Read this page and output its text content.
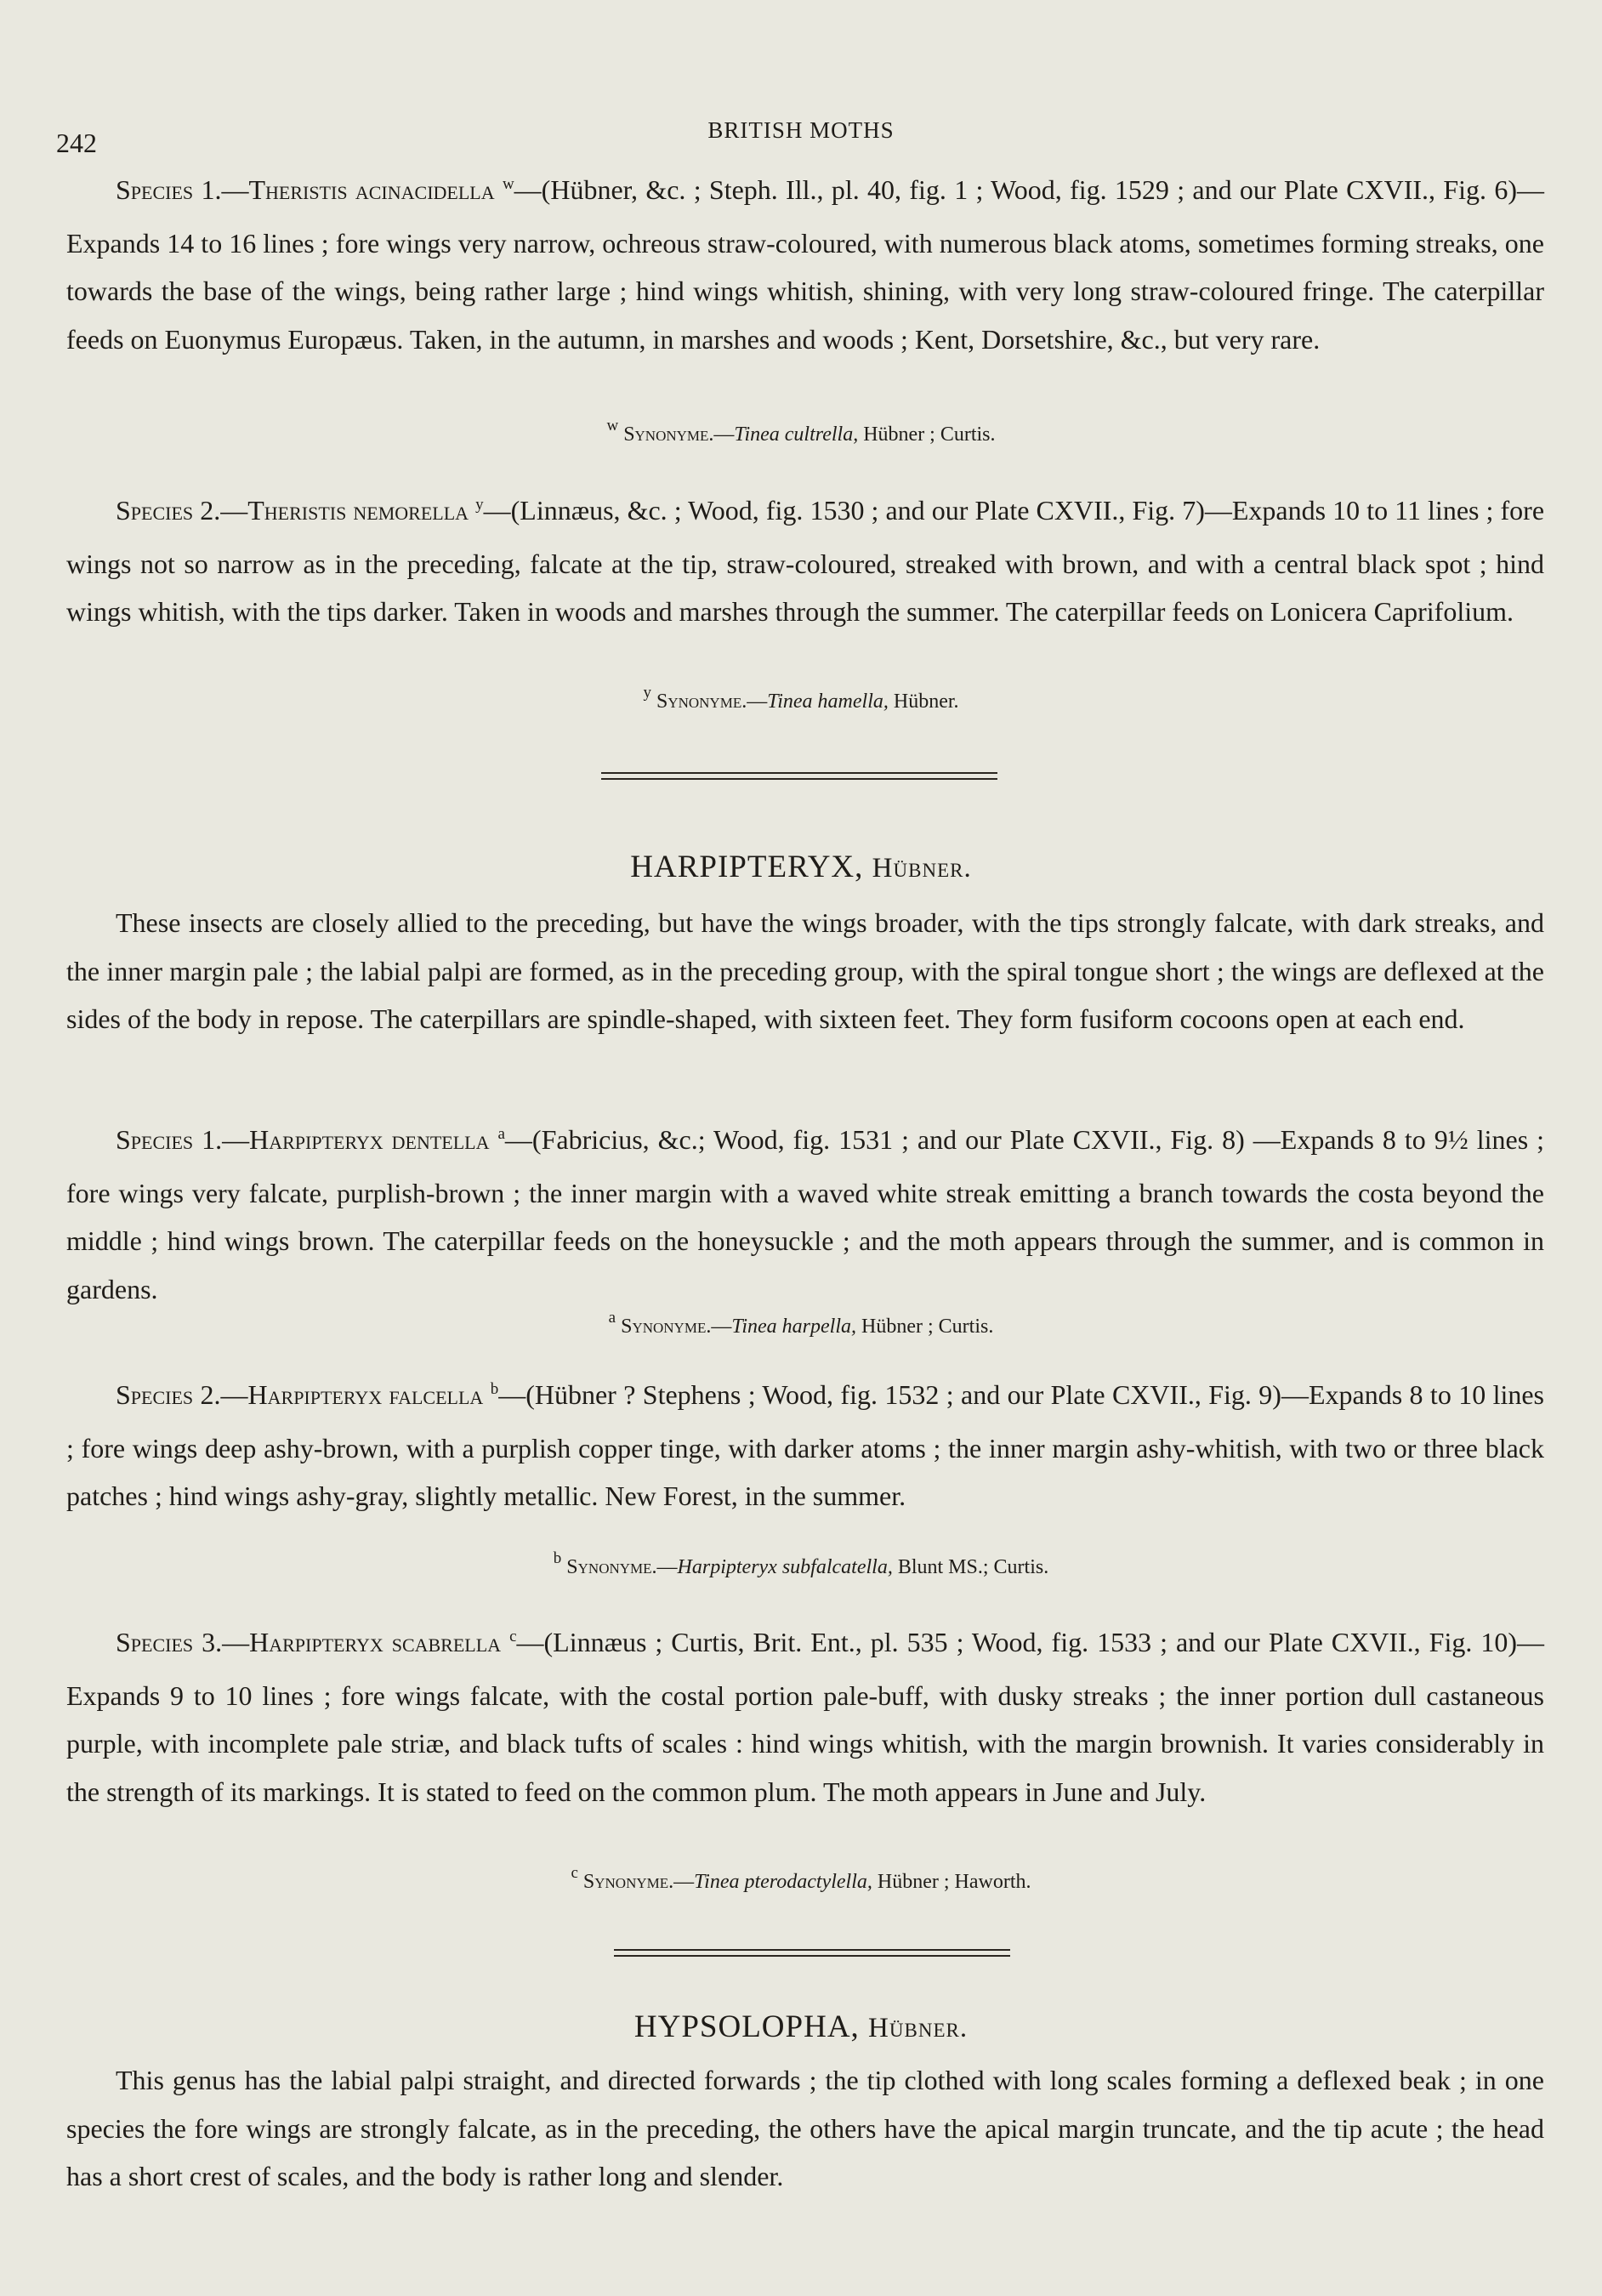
242	BRITISH MOTHS

Species 1.—Theristis acinacidella $^w$—(Hübner, &c. ; Steph. Ill., pl. 40, fig. 1 ; Wood, fig. 1529 ; and our Plate CXVII., Fig. 6)—Expands 14 to 16 lines ; fore wings very narrow, ochreous straw-coloured, with numerous black atoms, sometimes forming streaks, one towards the base of the wings, being rather large ; hind wings whitish, shining, with very long straw-coloured fringe. The caterpillar feeds on Euonymus Europæus. Taken, in the autumn, in marshes and woods ; Kent, Dorsetshire, &c., but very rare.

$^w$ Synonyme.—Tinea cultrella, Hübner ; Curtis.

Species 2.—Theristis nemorella $^y$—(Linnæus, &c. ; Wood, fig. 1530 ; and our Plate CXVII., Fig. 7)—Expands 10 to 11 lines ; fore wings not so narrow as in the preceding, falcate at the tip, straw-coloured, streaked with brown, and with a central black spot ; hind wings whitish, with the tips darker. Taken in woods and marshes through the summer. The caterpillar feeds on Lonicera Caprifolium.

$^y$ Synonyme.—Tinea hamella, Hübner.
HARPIPTERYX, Hübner.

These insects are closely allied to the preceding, but have the wings broader, with the tips strongly falcate, with dark streaks, and the inner margin pale ; the labial palpi are formed, as in the preceding group, with the spiral tongue short ; the wings are deflexed at the sides of the body in repose. The caterpillars are spindle-shaped, with sixteen feet. They form fusiform cocoons open at each end.

Species 1.—Harpipteryx dentella $^a$—(Fabricius, &c.; Wood, fig. 1531 ; and our Plate CXVII., Fig. 8) —Expands 8 to 9½ lines ; fore wings very falcate, purplish-brown ; the inner margin with a waved white streak emitting a branch towards the costa beyond the middle ; hind wings brown. The caterpillar feeds on the honeysuckle ; and the moth appears through the summer, and is common in gardens.

$^a$ Synonyme.—Tinea harpella, Hübner ; Curtis.

Species 2.—Harpipteryx falcella $^b$—(Hübner ? Stephens ; Wood, fig. 1532 ; and our Plate CXVII., Fig. 9)—Expands 8 to 10 lines ; fore wings deep ashy-brown, with a purplish copper tinge, with darker atoms ; the inner margin ashy-whitish, with two or three black patches ; hind wings ashy-gray, slightly metallic. New Forest, in the summer.

$^b$ Synonyme.—Harpipteryx subfalcatella, Blunt MS.; Curtis.

Species 3.—Harpipteryx scabrella $^c$—(Linnæus ; Curtis, Brit. Ent., pl. 535 ; Wood, fig. 1533 ; and our Plate CXVII., Fig. 10)—Expands 9 to 10 lines ; fore wings falcate, with the costal portion pale-buff, with dusky streaks ; the inner portion dull castaneous purple, with incomplete pale striæ, and black tufts of scales : hind wings whitish, with the margin brownish. It varies considerably in the strength of its markings. It is stated to feed on the common plum. The moth appears in June and July.

$^c$ Synonyme.—Tinea pterodactylella, Hübner ; Haworth.
HYPSOLOPHA, Hübner.

This genus has the labial palpi straight, and directed forwards ; the tip clothed with long scales forming a deflexed beak ; in one species the fore wings are strongly falcate, as in the preceding, the others have the apical margin truncate, and the tip acute ; the head has a short crest of scales, and the body is rather long and slender.
